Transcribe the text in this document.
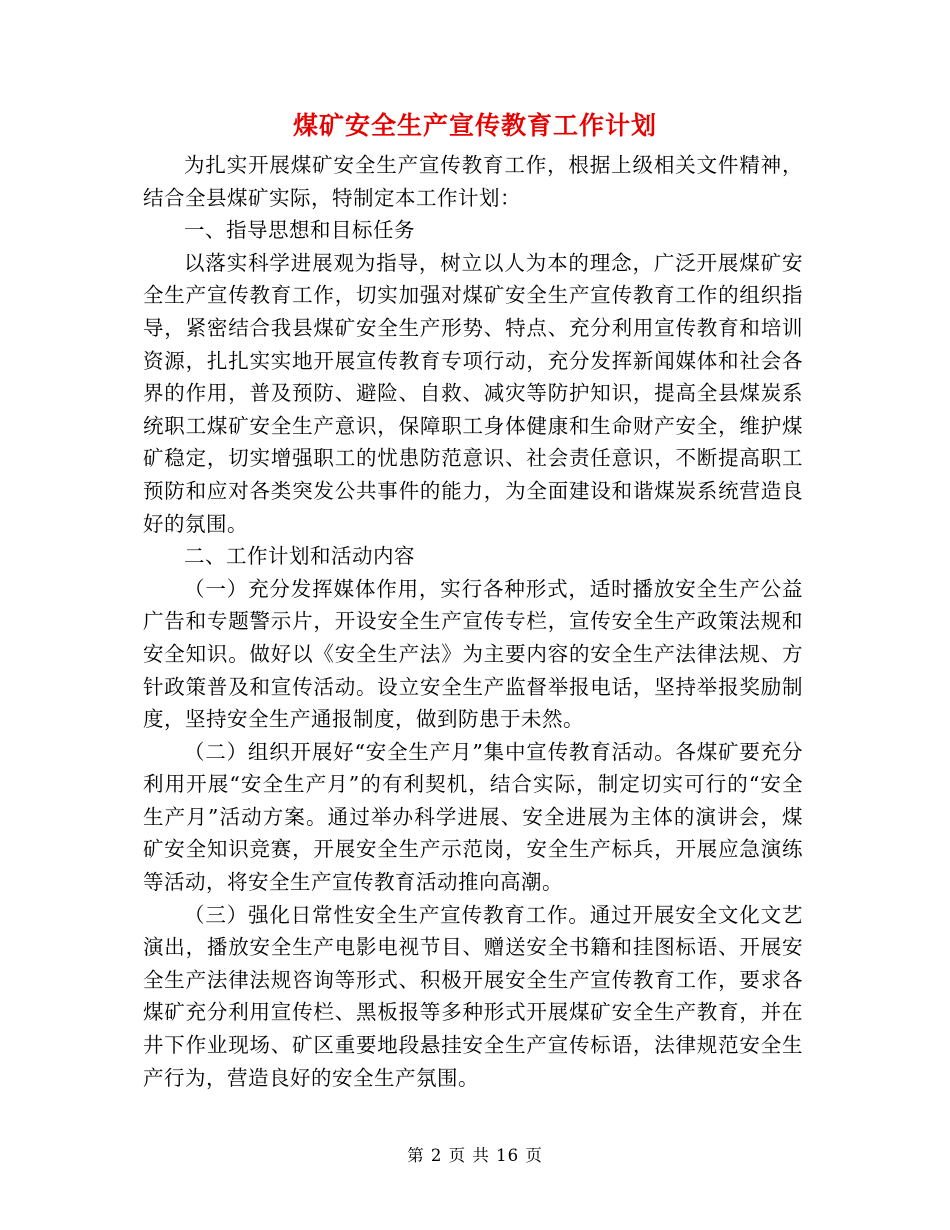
煤矿安全生产宣传教育工作计划

为扎实开展煤矿安全生产宣传教育工作，根据上级相关文件精神，结合全县煤矿实际，特制定本工作计划：

一、指导思想和目标任务

以落实科学进展观为指导，树立以人为本的理念，广泛开展煤矿安全生产宣传教育工作，切实加强对煤矿安全生产宣传教育工作的组织指导，紧密结合我县煤矿安全生产形势、特点、充分利用宣传教育和培训资源，扎扎实实地开展宣传教育专项行动，充分发挥新闻媒体和社会各界的作用，普及预防、避险、自救、减灾等防护知识，提高全县煤炭系统职工煤矿安全生产意识，保障职工身体健康和生命财产安全，维护煤矿稳定，切实增强职工的忧患防范意识、社会责任意识，不断提高职工预防和应对各类突发公共事件的能力，为全面建设和谐煤炭系统营造良好的氛围。

二、工作计划和活动内容

（一）充分发挥媒体作用，实行各种形式，适时播放安全生产公益广告和专题警示片，开设安全生产宣传专栏，宣传安全生产政策法规和安全知识。做好以《安全生产法》为主要内容的安全生产法律法规、方针政策普及和宣传活动。设立安全生产监督举报电话，坚持举报奖励制度，坚持安全生产通报制度，做到防患于未然。

（二）组织开展好“安全生产月”集中宣传教育活动。各煤矿要充分利用开展“安全生产月”的有利契机，结合实际，制定切实可行的“安全生产月”活动方案。通过举办科学进展、安全进展为主体的演讲会，煤矿安全知识竞赛，开展安全生产示范岗，安全生产标兵，开展应急演练等活动，将安全生产宣传教育活动推向高潮。

（三）强化日常性安全生产宣传教育工作。通过开展安全文化文艺演出，播放安全生产电影电视节目、赠送安全书籍和挂图标语、开展安全生产法律法规咨询等形式、积极开展安全生产宣传教育工作，要求各煤矿充分利用宣传栏、黑板报等多种形式开展煤矿安全生产教育，并在井下作业现场、矿区重要地段悬挂安全生产宣传标语，法律规范安全生产行为，营造良好的安全生产氛围。

第 2 页 共 16 页
